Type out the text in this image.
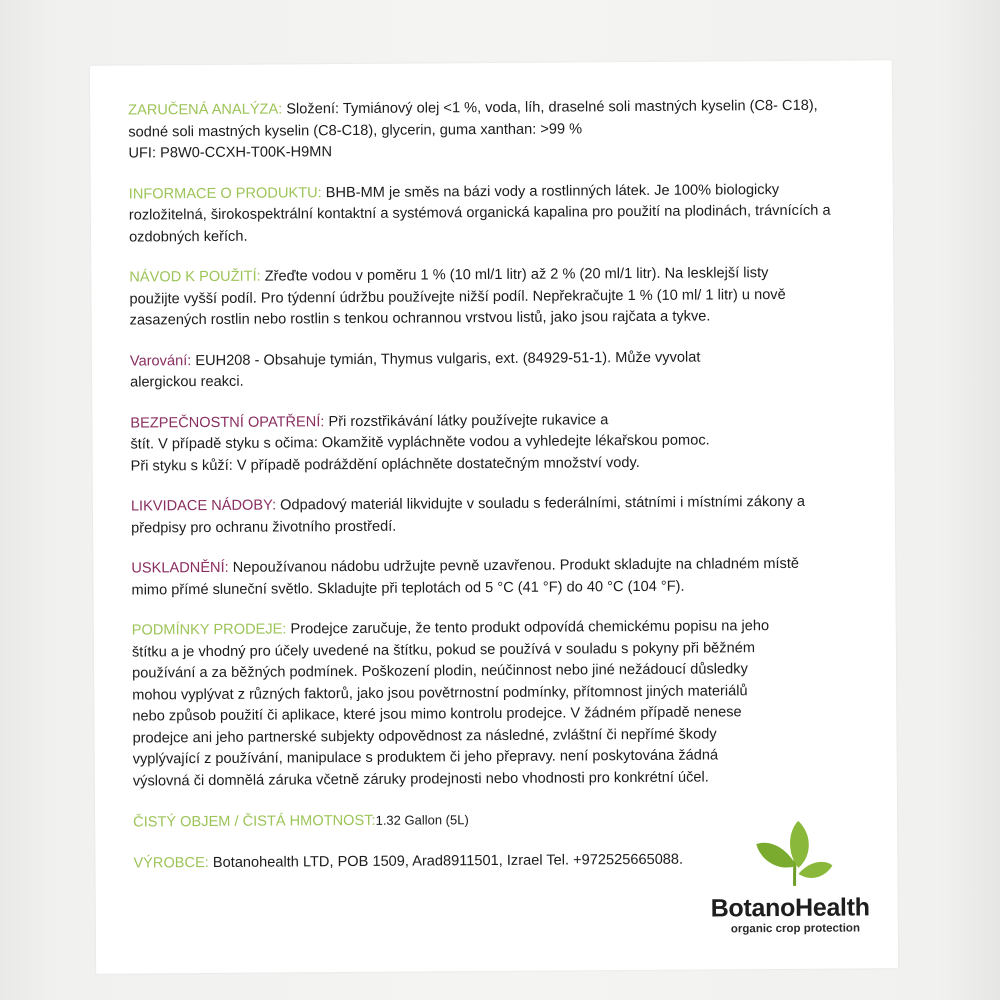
ZARUČENÁ ANALÝZA: Složení: Tymiánový olej <1 %, voda, líh, draselné soli mastných kyselin (C8- C18),
sodné soli mastných kyselin (C8-C18), glycerin, guma xanthan: >99 %
UFI: P8W0-CCXH-T00K-H9MN
INFORMACE O PRODUKTU: BHB-MM je směs na bázi vody a rostlinných látek. Je 100% biologicky
rozložitelná, širokospektrální kontaktní a systémová organická kapalina pro použití na plodinách, trávnících a
ozdobných keřích.
NÁVOD K POUŽITÍ: Zřeďte vodou v poměru 1 % (10 ml/1 litr) až 2 % (20 ml/1 litr). Na lesklejší listy
použijte vyšší podíl. Pro týdenní údržbu používejte nižší podíl. Nepřekračujte 1 % (10 ml/ 1 litr) u nově
zasazených rostlin nebo rostlin s tenkou ochrannou vrstvou listů, jako jsou rajčata a tykve.
Varování: EUH208 - Obsahuje tymián, Thymus vulgaris, ext. (84929-51-1). Může vyvolat
alergickou reakci.
BEZPEČNOSTNÍ OPATŘENÍ: Při rozstřikávání látky používejte rukavice a
štít. V případě styku s očima: Okamžitě vypláchněte vodou a vyhledejte lékařskou pomoc.
Při styku s kůží: V případě podráždění opláchněte dostatečným množství vody.
LIKVIDACE NÁDOBY: Odpadový materiál likvidujte v souladu s federálními, státními i místními zákony a
předpisy pro ochranu životního prostředí.
USKLADNĚNÍ: Nepoužívanou nádobu udržujte pevně uzavřenou. Produkt skladujte na chladném místě
mimo přímé sluneční světlo. Skladujte při teplotách od 5 °C (41 °F) do 40 °C (104 °F).
PODMÍNKY PRODEJE: Prodejce zaručuje, že tento produkt odpovídá chemickému popisu na jeho
štítku a je vhodný pro účely uvedené na štítku, pokud se používá v souladu s pokyny při běžném
používání a za běžných podmínek. Poškození plodin, neúčinnost nebo jiné nežádoucí důsledky
mohou vyplývat z různých faktorů, jako jsou povětrnostní podmínky, přítomnost jiných materiálů
nebo způsob použití či aplikace, které jsou mimo kontrolu prodejce. V žádném případě nenese
prodejce ani jeho partnerské subjekty odpovědnost za následné, zvláštní či nepřímé škody
vyplývající z používání, manipulace s produktem či jeho přepravy. není poskytována žádná
výslovná či domnělá záruka včetně záruky prodejnosti nebo vhodnosti pro konkrétní účel.
ČISTÝ OBJEM / ČISTÁ HMOTNOST:1.32 Gallon (5L)
VÝROBCE: Botanohealth LTD, POB 1509, Arad8911501, Izrael Tel. +972525665088.
BotanoHealth
organic crop protection
